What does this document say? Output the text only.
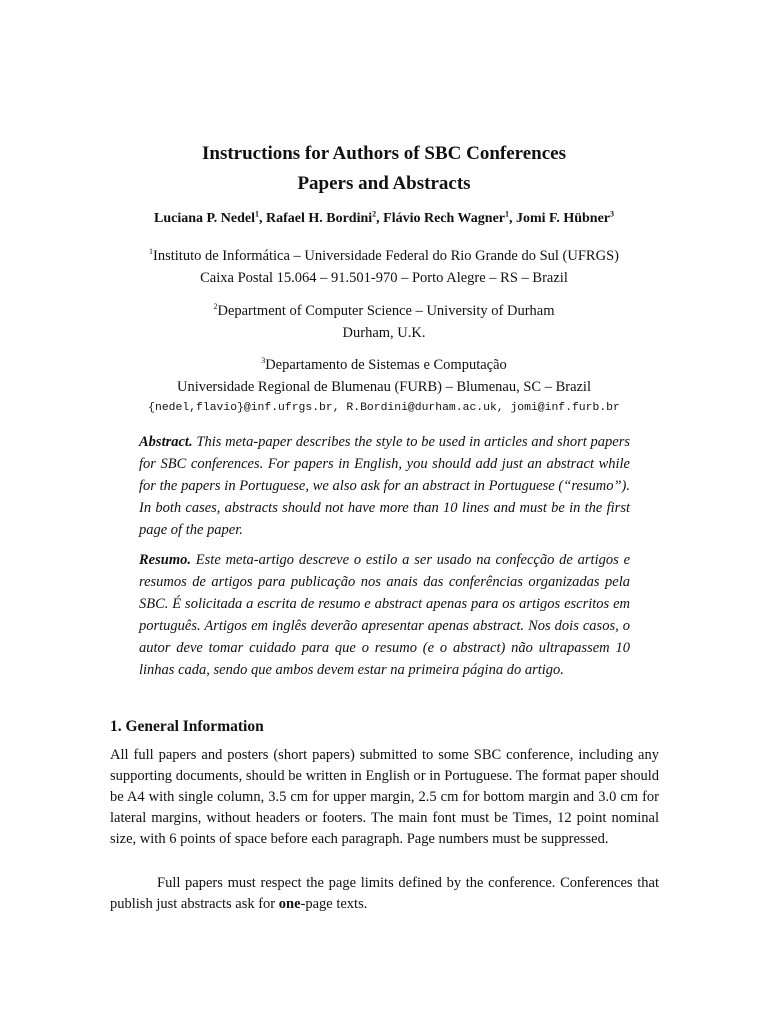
Instructions for Authors of SBC Conferences
Papers and Abstracts
Luciana P. Nedel$^1$, Rafael H. Bordini$^2$, Flávio Rech Wagner$^1$, Jomi F. Hübner$^3$
$^1$Instituto de Informática – Universidade Federal do Rio Grande do Sul (UFRGS)
Caixa Postal 15.064 – 91.501-970 – Porto Alegre – RS – Brazil
$^2$Department of Computer Science – University of Durham
Durham, U.K.
$^3$Departamento de Sistemas e Computação
Universidade Regional de Blumenau (FURB) – Blumenau, SC – Brazil
{nedel,flavio}@inf.ufrgs.br, R.Bordini@durham.ac.uk, jomi@inf.furb.br
Abstract. This meta-paper describes the style to be used in articles and short papers for SBC conferences. For papers in English, you should add just an abstract while for the papers in Portuguese, we also ask for an abstract in Portuguese (“resumo”). In both cases, abstracts should not have more than 10 lines and must be in the first page of the paper.
Resumo. Este meta-artigo descreve o estilo a ser usado na confecção de artigos e resumos de artigos para publicação nos anais das conferências organizadas pela SBC. É solicitada a escrita de resumo e abstract apenas para os artigos escritos em português. Artigos em inglês deverão apresentar apenas abstract. Nos dois casos, o autor deve tomar cuidado para que o resumo (e o abstract) não ultrapassem 10 linhas cada, sendo que ambos devem estar na primeira página do artigo.
1. General Information
All full papers and posters (short papers) submitted to some SBC conference, including any supporting documents, should be written in English or in Portuguese. The format paper should be A4 with single column, 3.5 cm for upper margin, 2.5 cm for bottom margin and 3.0 cm for lateral margins, without headers or footers. The main font must be Times, 12 point nominal size, with 6 points of space before each paragraph. Page numbers must be suppressed.
Full papers must respect the page limits defined by the conference. Conferences that publish just abstracts ask for one-page texts.
